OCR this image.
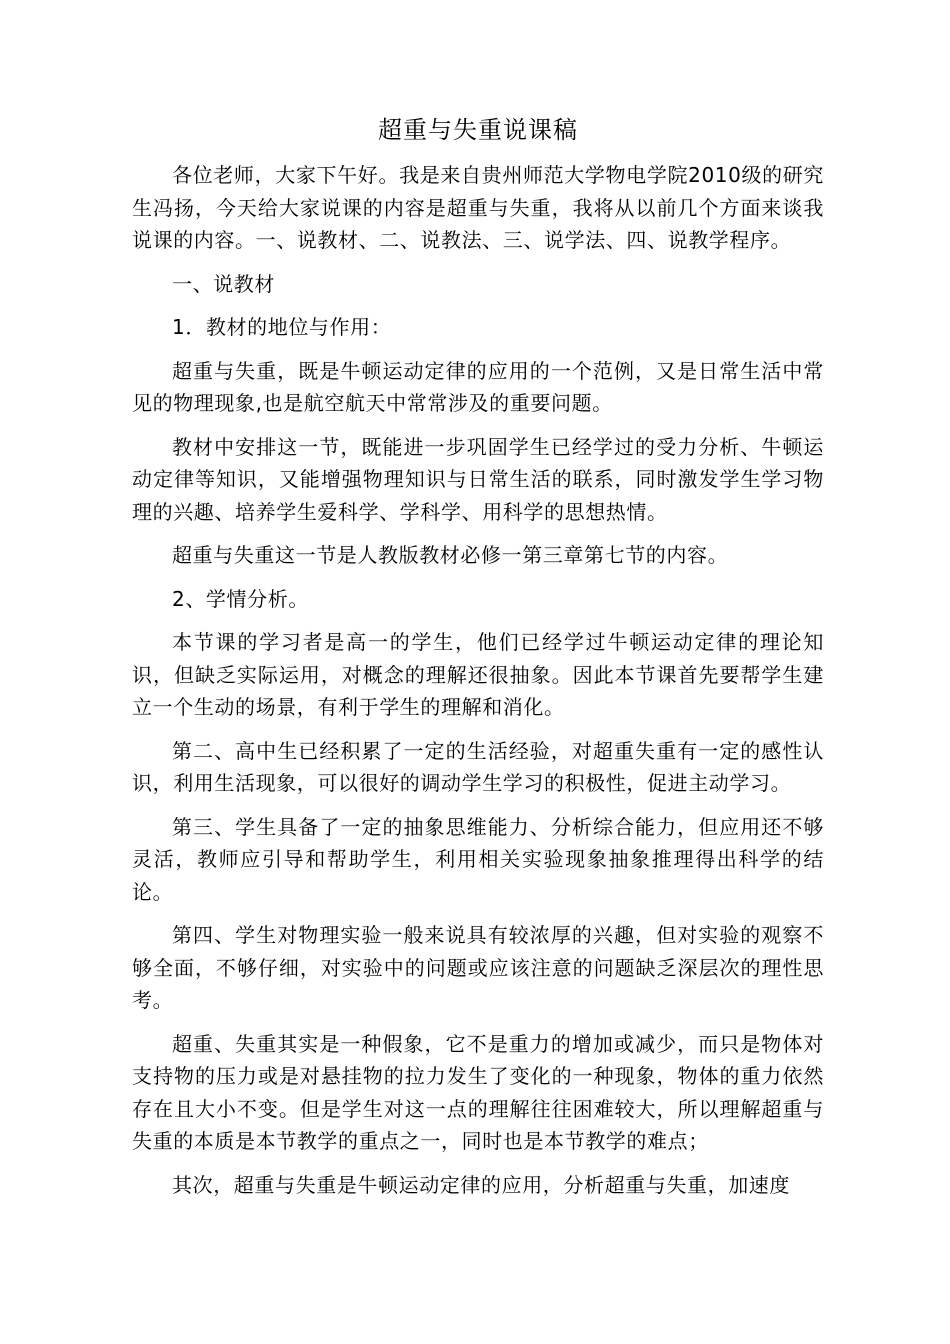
超重与失重说课稿

各位老师，大家下午好。我是来自贵州师范大学物电学院2010级的研究生冯扬，今天给大家说课的内容是超重与失重，我将从以前几个方面来谈我说课的内容。一、说教材、二、说教法、三、说学法、四、说教学程序。

一、说教材

1．教材的地位与作用：

超重与失重，既是牛顿运动定律的应用的一个范例，又是日常生活中常见的物理现象,也是航空航天中常常涉及的重要问题。

教材中安排这一节，既能进一步巩固学生已经学过的受力分析、牛顿运动定律等知识，又能增强物理知识与日常生活的联系，同时激发学生学习物理的兴趣、培养学生爱科学、学科学、用科学的思想热情。

超重与失重这一节是人教版教材必修一第三章第七节的内容。

2、学情分析。

本节课的学习者是高一的学生，他们已经学过牛顿运动定律的理论知识，但缺乏实际运用，对概念的理解还很抽象。因此本节课首先要帮学生建立一个生动的场景，有利于学生的理解和消化。

第二、高中生已经积累了一定的生活经验，对超重失重有一定的感性认识，利用生活现象，可以很好的调动学生学习的积极性，促进主动学习。

第三、学生具备了一定的抽象思维能力、分析综合能力，但应用还不够灵活，教师应引导和帮助学生，利用相关实验现象抽象推理得出科学的结论。

第四、学生对物理实验一般来说具有较浓厚的兴趣，但对实验的观察不够全面，不够仔细，对实验中的问题或应该注意的问题缺乏深层次的理性思考。

超重、失重其实是一种假象，它不是重力的增加或减少，而只是物体对支持物的压力或是对悬挂物的拉力发生了变化的一种现象，物体的重力依然存在且大小不变。但是学生对这一点的理解往往困难较大，所以理解超重与失重的本质是本节教学的重点之一，同时也是本节教学的难点；

其次，超重与失重是牛顿运动定律的应用，分析超重与失重，加速度
